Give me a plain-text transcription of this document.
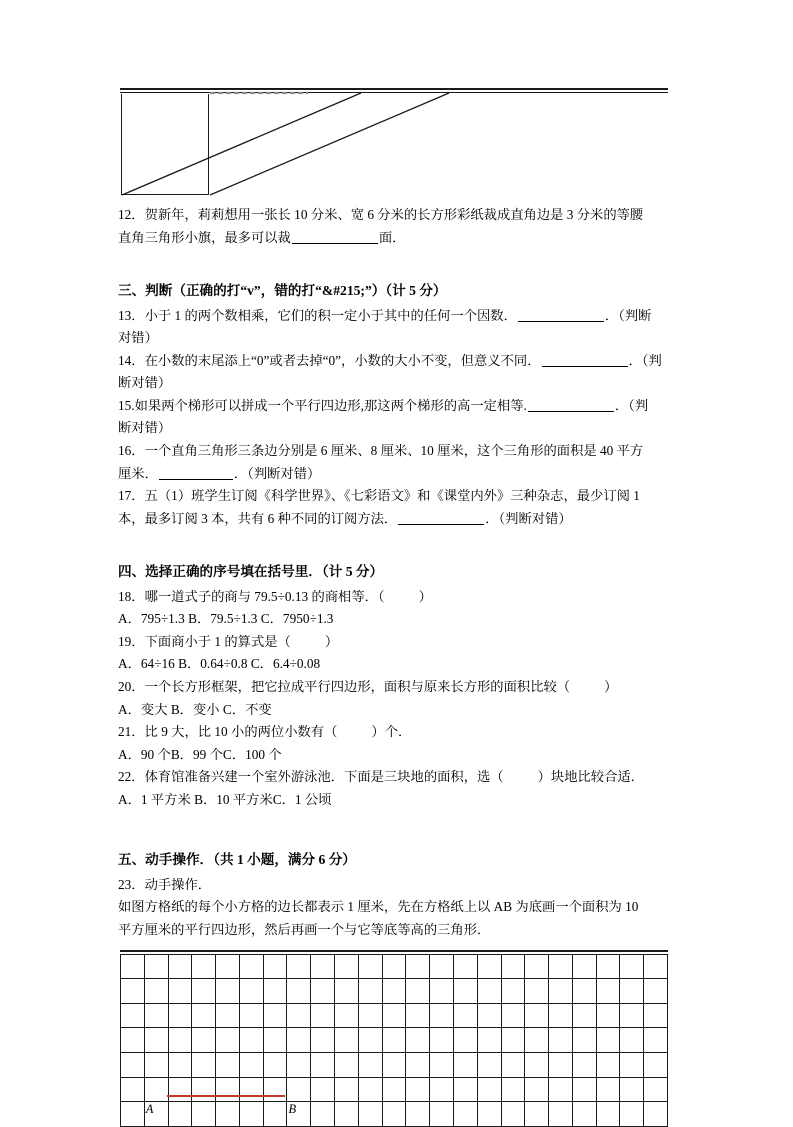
12．贺新年，莉莉想用一张长 10 分米、宽 6 分米的长方形彩纸裁成直角边是 3 分米的等腰
直角三角形小旗，最多可以裁	面．
三、判断（正确的打“v”，错的打“&#215;”）（计 5 分）
13．小于 1 的两个数相乘，它们的积一定小于其中的任何一个因数．	．（判断
对错）
14．在小数的末尾添上“0”或者去掉“0”，小数的大小不变，但意义不同．	．（判
断对错）
15.如果两个梯形可以拼成一个平行四边形,那这两个梯形的高一定相等.	．（判
断对错）
16．一个直角三角形三条边分别是 6 厘米、8 厘米、10 厘米，这个三角形的面积是 40 平方
厘米．	．（判断对错）
17．五（1）班学生订阅《科学世界》、《七彩语文》和《课堂内外》三种杂志，最少订阅 1
本，最多订阅 3 本，共有 6 种不同的订阅方法．	．（判断对错）
四、选择正确的序号填在括号里．（计 5 分）
18．哪一道式子的商与 79.5÷0.13 的商相等．（	）
A．795÷1.3 B．79.5÷1.3 C．7950÷1.3
19．下面商小于 1 的算式是（	）
A．64÷16 B．0.64÷0.8 C．6.4÷0.08
20．一个长方形框架，把它拉成平行四边形，面积与原来长方形的面积比较（	）
A．变大 B．变小 C．不变
21．比 9 大，比 10 小的两位小数有（	）个．
A．90 个B．99 个C．100 个
22．体育馆准备兴建一个室外游泳池．下面是三块地的面积，选（	）块地比较合适．
A．1 平方米 B．10 平方米C．1 公顷
五、动手操作．（共 1 小题，满分 6 分）
23．动手操作．
如图方格纸的每个小方格的边长都表示 1 厘米，先在方格纸上以 AB 为底画一个面积为 10
平方厘米的平行四边形，然后再画一个与它等底等高的三角形．

	A						B															
